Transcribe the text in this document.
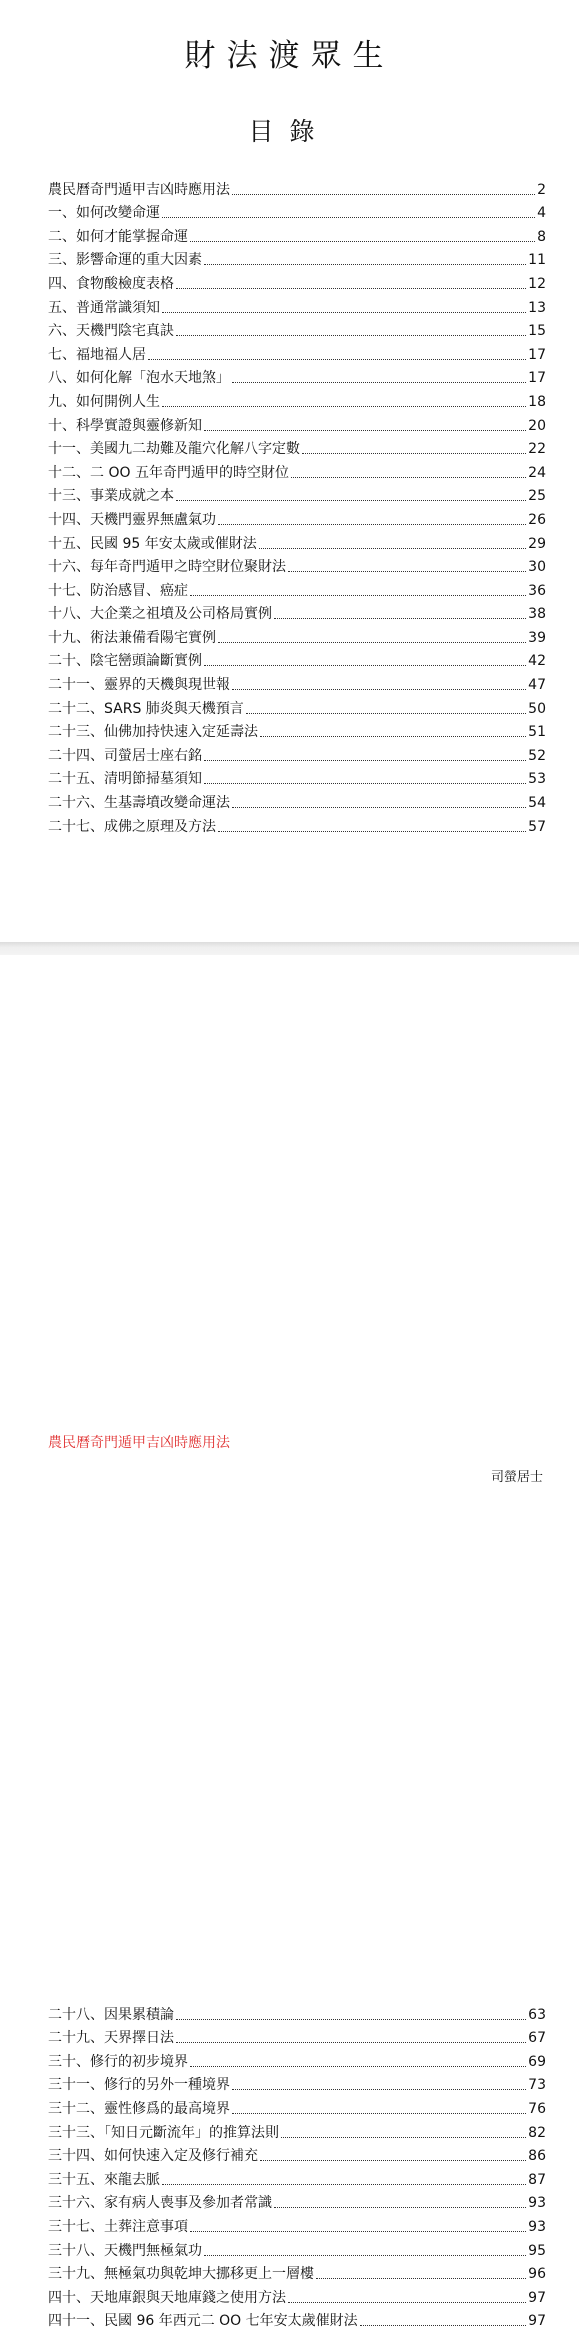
財法渡眾生
目錄
農民曆奇門遁甲吉凶時應用法	2
一、如何改變命運	4
二、如何才能掌握命運	8
三、影響命運的重大因素	11
四、食物酸檢度表格	12
五、普通常識須知	13
六、天機門陰宅真訣	15
七、福地福人居	17
八、如何化解「泡水天地煞」	17
九、如何開例人生	18
十、科學實證與靈修新知	20
十一、美國九二劫難及龍穴化解八字定數	22
十二、二 OO 五年奇門遁甲的時空財位	24
十三、事業成就之本	25
十四、天機門靈界無盧氣功	26
十五、民國 95 年安太歲或催財法	29
十六、每年奇門遁甲之時空財位聚財法	30
十七、防治感冒、癌症	36
十八、大企業之祖墳及公司格局實例	38
十九、術法兼備看陽宅實例	39
二十、陰宅巒頭論斷實例	42
二十一、靈界的天機與現世報	47
二十二、SARS 肺炎與天機預言	50
二十三、仙佛加持快速入定延壽法	51
二十四、司螢居士座右銘	52
二十五、清明節掃墓須知	53
二十六、生基壽墳改變命運法	54
二十七、成佛之原理及方法	57
二十八、因果累積論	63
二十九、天界擇日法	67
三十、修行的初步境界	69
三十一、修行的另外一種境界	73
三十二、靈性修爲的最高境界	76
三十三、「知日元斷流年」的推算法則	82
三十四、如何快速入定及修行補充	86
三十五、來龍去脈	87
三十六、家有病人喪事及參加者常識	93
三十七、土葬注意事項	93
三十八、天機門無極氣功	95
三十九、無極氣功與乾坤大挪移更上一層樓	96
四十、天地庫銀與天地庫錢之使用方法	97
四十一、民國 96 年西元二 OO 七年安太歲催財法	97
農民曆奇門遁甲吉凶時應用法
司螢居士
